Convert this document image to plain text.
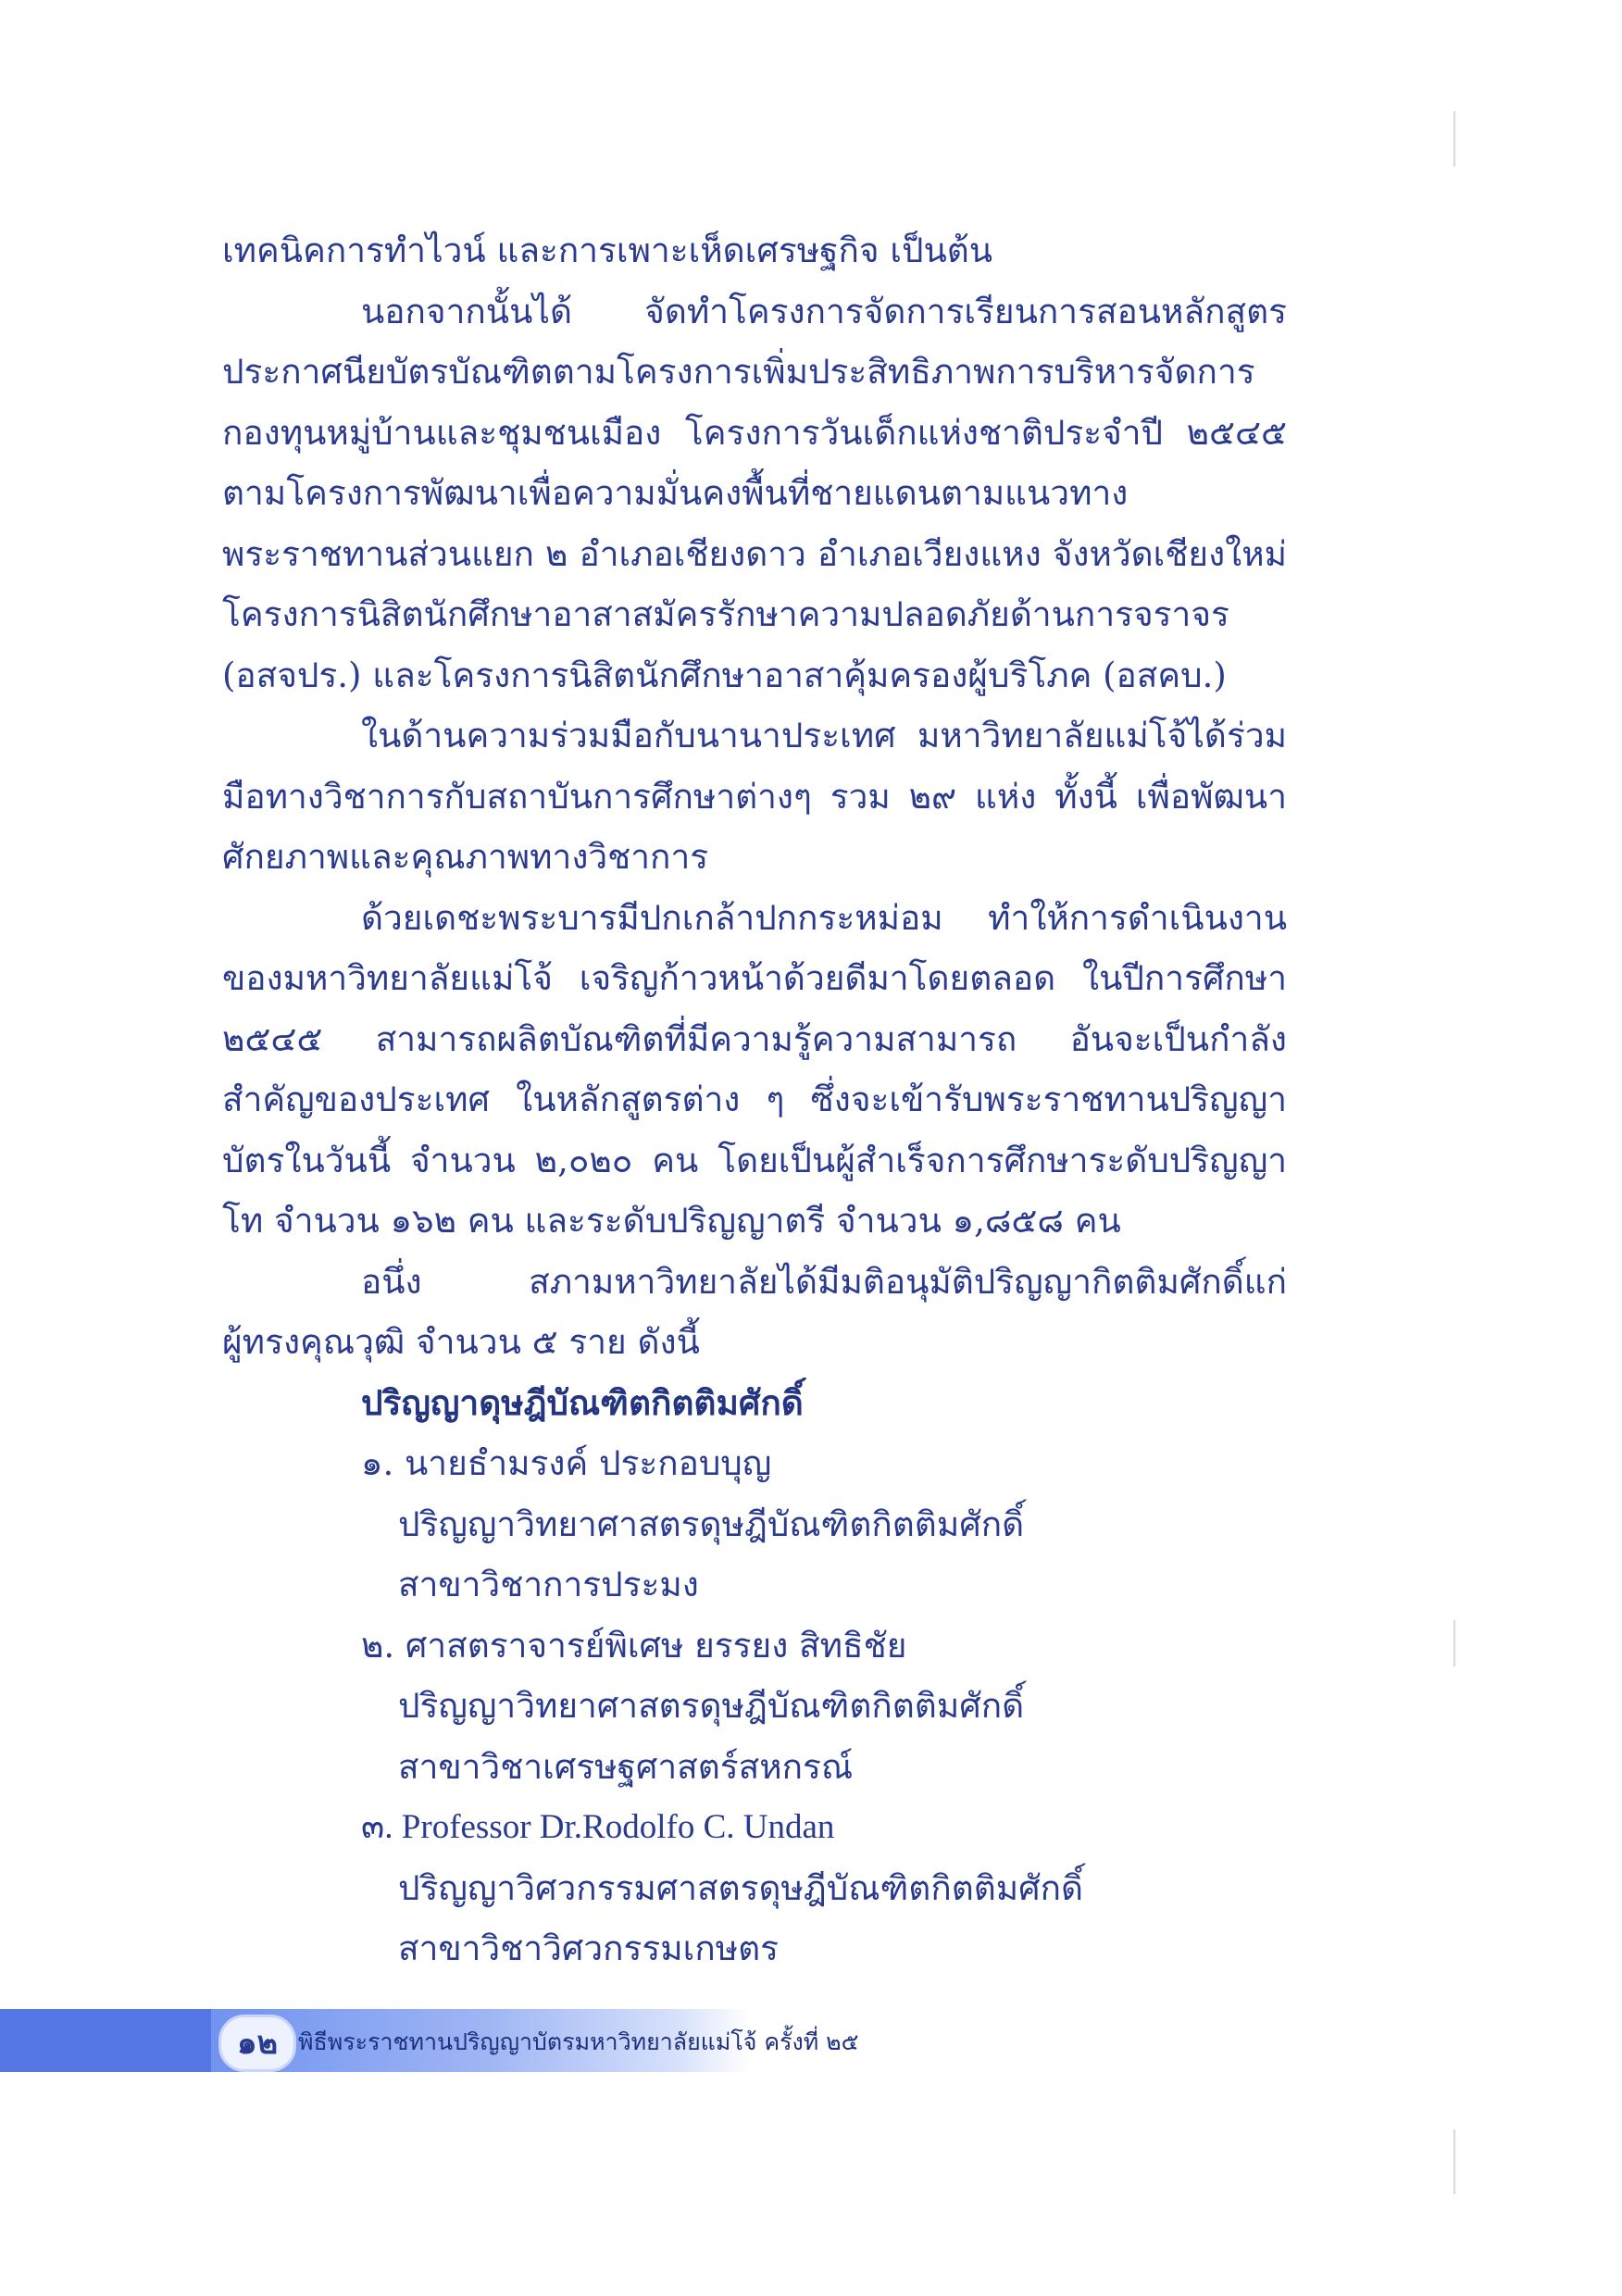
เทคนิคการทำไวน์ และการเพาะเห็ดเศรษฐกิจ เป็นต้น
นอกจากนั้นได้ จัดทำโครงการจัดการเรียนการสอนหลักสูตร
ประกาศนียบัตรบัณฑิตตามโครงการเพิ่มประสิทธิภาพการบริหารจัดการ
กองทุนหมู่บ้านและชุมชนเมือง โครงการวันเด็กแห่งชาติประจำปี ๒๕๔๕
ตามโครงการพัฒนาเพื่อความมั่นคงพื้นที่ชายแดนตามแนวทาง
พระราชทานส่วนแยก ๒ อำเภอเชียงดาว อำเภอเวียงแหง จังหวัดเชียงใหม่
โครงการนิสิตนักศึกษาอาสาสมัครรักษาความปลอดภัยด้านการจราจร
(อสจปร.) และโครงการนิสิตนักศึกษาอาสาคุ้มครองผู้บริโภค (อสคบ.)
ในด้านความร่วมมือกับนานาประเทศ มหาวิทยาลัยแม่โจ้ได้ร่วม
มือทางวิชาการกับสถาบันการศึกษาต่างๆ รวม ๒๙ แห่ง ทั้งนี้ เพื่อพัฒนา
ศักยภาพและคุณภาพทางวิชาการ
ด้วยเดชะพระบารมีปกเกล้าปกกระหม่อม ทำให้การดำเนินงาน
ของมหาวิทยาลัยแม่โจ้ เจริญก้าวหน้าด้วยดีมาโดยตลอด ในปีการศึกษา
๒๕๔๕ สามารถผลิตบัณฑิตที่มีความรู้ความสามารถ อันจะเป็นกำลัง
สำคัญของประเทศ ในหลักสูตรต่าง ๆ ซึ่งจะเข้ารับพระราชทานปริญญา
บัตรในวันนี้ จำนวน ๒,๐๒๐ คน โดยเป็นผู้สำเร็จการศึกษาระดับปริญญา
โท จำนวน ๑๖๒ คน และระดับปริญญาตรี จำนวน ๑,๘๕๘ คน
อนึ่ง สภามหาวิทยาลัยได้มีมติอนุมัติปริญญากิตติมศักดิ์แก่
ผู้ทรงคุณวุฒิ จำนวน ๕ ราย ดังนี้
ปริญญาดุษฎีบัณฑิตกิตติมศักดิ์
๑. นายธำมรงค์ ประกอบบุญ
ปริญญาวิทยาศาสตรดุษฎีบัณฑิตกิตติมศักดิ์
สาขาวิชาการประมง
๒. ศาสตราจารย์พิเศษ ยรรยง สิทธิชัย
ปริญญาวิทยาศาสตรดุษฎีบัณฑิตกิตติมศักดิ์
สาขาวิชาเศรษฐศาสตร์สหกรณ์
๓. Professor Dr.Rodolfo C. Undan
ปริญญาวิศวกรรมศาสตรดุษฎีบัณฑิตกิตติมศักดิ์
สาขาวิชาวิศวกรรมเกษตร
๑๒ พิธีพระราชทานปริญญาบัตรมหาวิทยาลัยแม่โจ้ ครั้งที่ ๒๕
